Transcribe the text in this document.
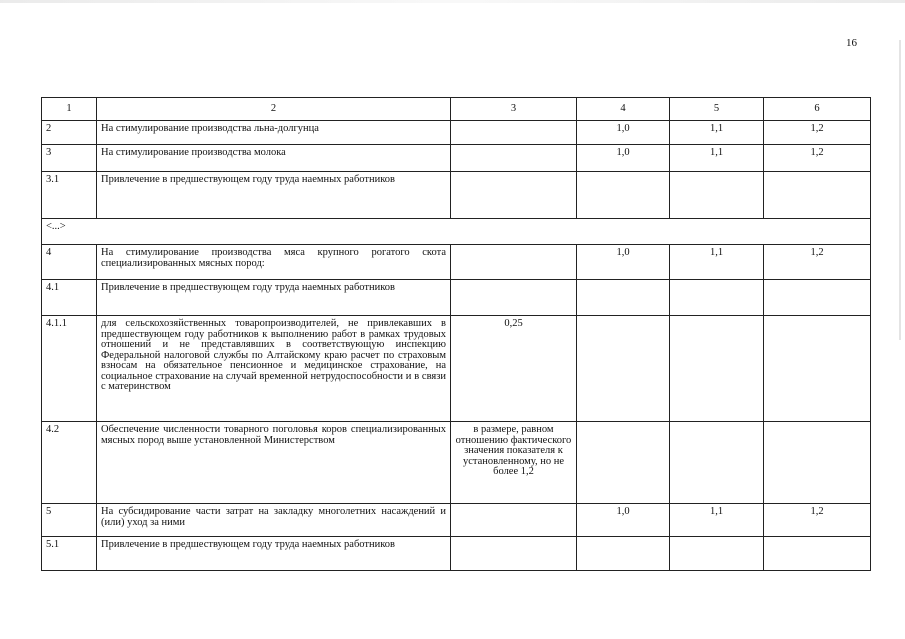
16
1	2	3	4	5	6
2	На стимулирование производства льна-долгунца		1,0	1,1	1,2
3	На стимулирование производства молока		1,0	1,1	1,2
3.1	Привлечение в предшествующем году труда наемных работников				
<...>					
4	На стимулирование производства мяса крупного рогатого скота специализированных мясных пород:		1,0	1,1	1,2
4.1	Привлечение в предшествующем году труда наемных работников				
4.1.1	для сельскохозяйственных товаропроизводителей, не привлекавших в предшествующем году работников к выполнению работ в рамках трудовых отношений и не представлявших в соответствующую инспекцию Федеральной налоговой службы по Алтайскому краю расчет по страховым взносам на обязательное пенсионное и медицинское страхование, на социальное страхование на случай временной нетрудоспособности и в связи с материнством	0,25			
4.2	Обеспечение численности товарного поголовья коров специализированных мясных пород выше установленной Министерством	в размере, равном отношению фактического значения показателя к установленному, но не более 1,2			
5	На субсидирование части затрат на закладку многолетних насаждений и (или) уход за ними		1,0	1,1	1,2
5.1	Привлечение в предшествующем году труда наемных работников				
